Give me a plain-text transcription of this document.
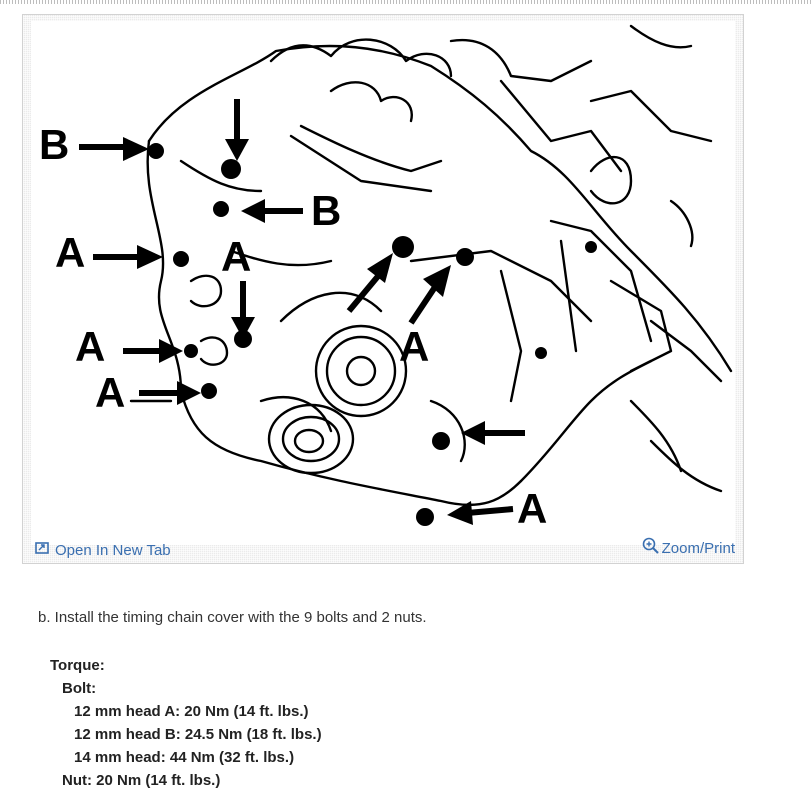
B
B
A	A
A
A
A
A
Open In New Tab	Zoom/Print
b. Install the timing chain cover with the 9 bolts and 2 nuts.
Torque:
Bolt:
12 mm head A: 20 Nm (14 ft. lbs.)
12 mm head B: 24.5 Nm (18 ft. lbs.)
14 mm head: 44 Nm (32 ft. lbs.)
Nut: 20 Nm (14 ft. lbs.)
